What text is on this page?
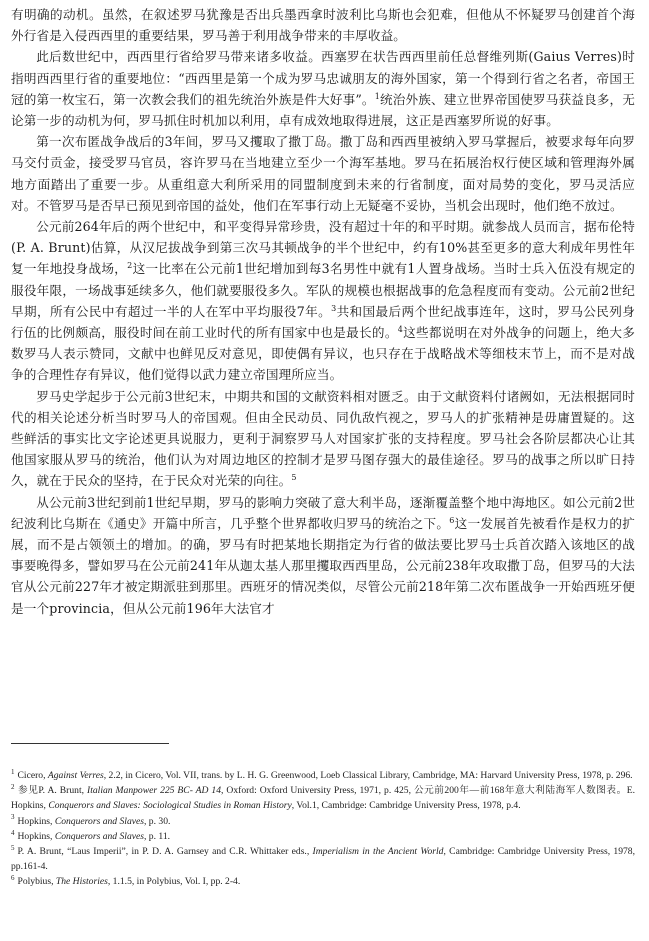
有明确的动机。虽然，在叙述罗马犹豫是否出兵墨西拿时波利比乌斯也会犯难，但他从不怀疑罗马创建首个海外行省是入侵西西里的重要结果，罗马善于利用战争带来的丰厚收益。

此后数世纪中，西西里行省给罗马带来诸多收益。西塞罗在状告西西里前任总督维列斯(Gaius Verres)时指明西西里行省的重要地位：“西西里是第一个成为罗马忠诚朋友的海外国家，第一个得到行省之名者，帝国王冠的第一枚宝石，第一次教会我们的祖先统治外族是件大好事”。$^1$统治外族、建立世界帝国使罗马获益良多，无论第一步的动机为何，罗马抓住时机加以利用，卓有成效地取得进展，这正是西塞罗所说的好事。

第一次布匿战争战后的3年间，罗马又攫取了撒丁岛。撒丁岛和西西里被纳入罗马掌握后，被要求每年向罗马交付贡金，接受罗马官员，容许罗马在当地建立至少一个海军基地。罗马在拓展治权行使区域和管理海外属地方面踏出了重要一步。从重组意大利所采用的同盟制度到未来的行省制度，面对局势的变化，罗马灵活应对。不管罗马是否早已预见到帝国的益处，他们在军事行动上无疑毫不妥协，当机会出现时，他们绝不放过。

公元前264年后的两个世纪中，和平变得异常珍贵，没有超过十年的和平时期。就参战人员而言，据布伦特(P. A. Brunt)估算，从汉尼拔战争到第三次马其顿战争的半个世纪中，约有10%甚至更多的意大利成年男性年复一年地投身战场，$^2$这一比率在公元前1世纪增加到每3名男性中就有1人置身战场。当时士兵入伍没有规定的服役年限，一场战事延续多久，他们就要服役多久。军队的规模也根据战事的危急程度而有变动。公元前2世纪早期，所有公民中有超过一半的人在军中平均服役7年。$^3$共和国最后两个世纪战事连年，这时，罗马公民列身行伍的比例颇高，服役时间在前工业时代的所有国家中也是最长的。$^4$这些都说明在对外战争的问题上，绝大多数罗马人表示赞同，文献中也鲜见反对意见，即使偶有异议，也只存在于战略战术等细枝末节上，而不是对战争的合理性存有异议，他们觉得以武力建立帝国理所应当。

罗马史学起步于公元前3世纪末，中期共和国的文献资料相对匮乏。由于文献资料付诸阙如，无法根据同时代的相关论述分析当时罗马人的帝国观。但由全民动员、同仇敌忾视之，罗马人的扩张精神是毋庸置疑的。这些鲜活的事实比文字论述更具说服力，更利于洞察罗马人对国家扩张的支持程度。罗马社会各阶层都决心让其他国家服从罗马的统治，他们认为对周边地区的控制才是罗马图存强大的最佳途径。罗马的战事之所以旷日持久，就在于民众的坚持，在于民众对光荣的向往。$^5$

从公元前3世纪到前1世纪早期，罗马的影响力突破了意大利半岛，逐渐覆盖整个地中海地区。如公元前2世纪波利比乌斯在《通史》开篇中所言，几乎整个世界都收归罗马的统治之下。$^6$这一发展首先被看作是权力的扩展，而不是占领领土的增加。的确，罗马有时把某地长期指定为行省的做法要比罗马士兵首次踏入该地区的战事要晚得多，譬如罗马在公元前241年从迦太基人那里攫取西西里岛，公元前238年攻取撒丁岛，但罗马的大法官从公元前227年才被定期派驻到那里。西班牙的情况类似，尽管公元前218年第二次布匿战争一开始西班牙便是一个provincia，但从公元前196年大法官才

$^1$ Cicero, Against Verres, 2.2, in Cicero, Vol. VII, trans. by L. H. G. Greenwood, Loeb Classical Library, Cambridge, MA: Harvard University Press, 1978, p. 296.
$^2$ 参见P. A. Brunt, Italian Manpower 225 BC- AD 14, Oxford: Oxford University Press, 1971, p. 425, 公元前200年—前168年意大利陆海军人数图表。E. Hopkins, Conquerors and Slaves: Sociological Studies in Roman History, Vol.1, Cambridge: Cambridge University Press, 1978, p.4.
$^3$ Hopkins, Conquerors and Slaves, p. 30.
$^4$ Hopkins, Conquerors and Slaves, p. 11.
$^5$ P. A. Brunt, “Laus Imperii”, in P. D. A. Garnsey and C.R. Whittaker eds., Imperialism in the Ancient World, Cambridge: Cambridge University Press, 1978, pp.161-4.
$^6$ Polybius, The Histories, 1.1.5, in Polybius, Vol. I, pp. 2-4.
